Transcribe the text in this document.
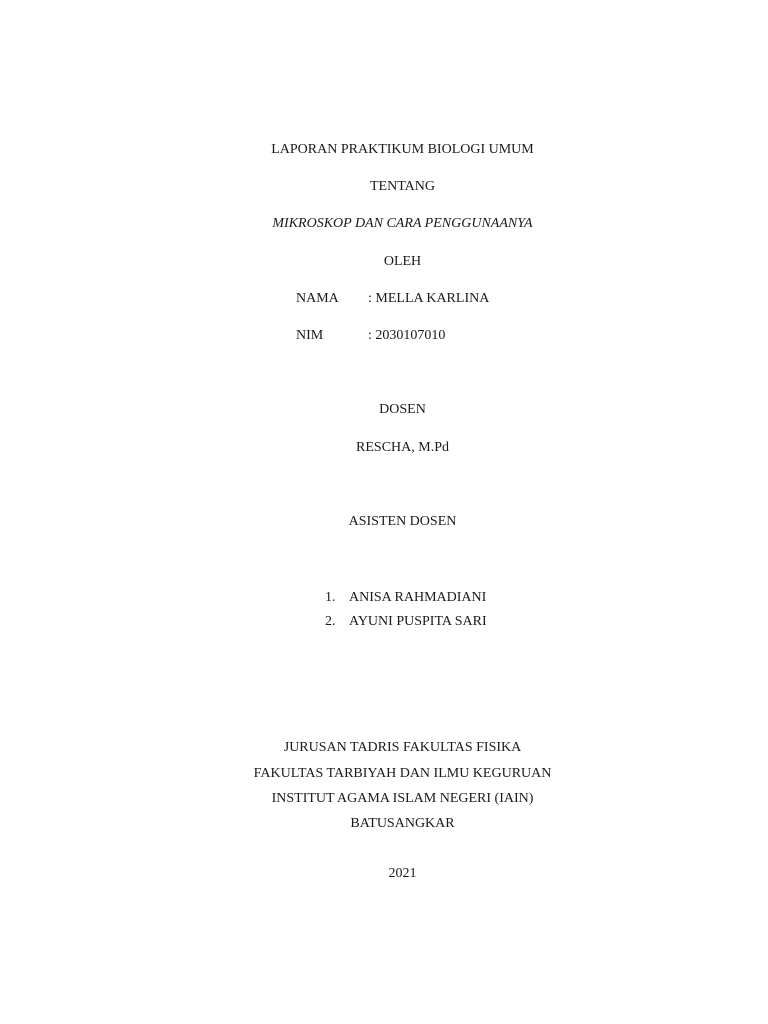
LAPORAN PRAKTIKUM BIOLOGI UMUM
TENTANG
MIKROSKOP DAN CARA PENGGUNAANYA
OLEH
NAMA : MELLA KARLINA
NIM	: 2030107010
DOSEN
RESCHA, M.Pd
ASISTEN DOSEN
1. ANISA RAHMADIANI
2. AYUNI PUSPITA SARI
JURUSAN TADRIS FAKULTAS FISIKA
FAKULTAS TARBIYAH DAN ILMU KEGURUAN
INSTITUT AGAMA ISLAM NEGERI (IAIN)
BATUSANGKAR
2021
